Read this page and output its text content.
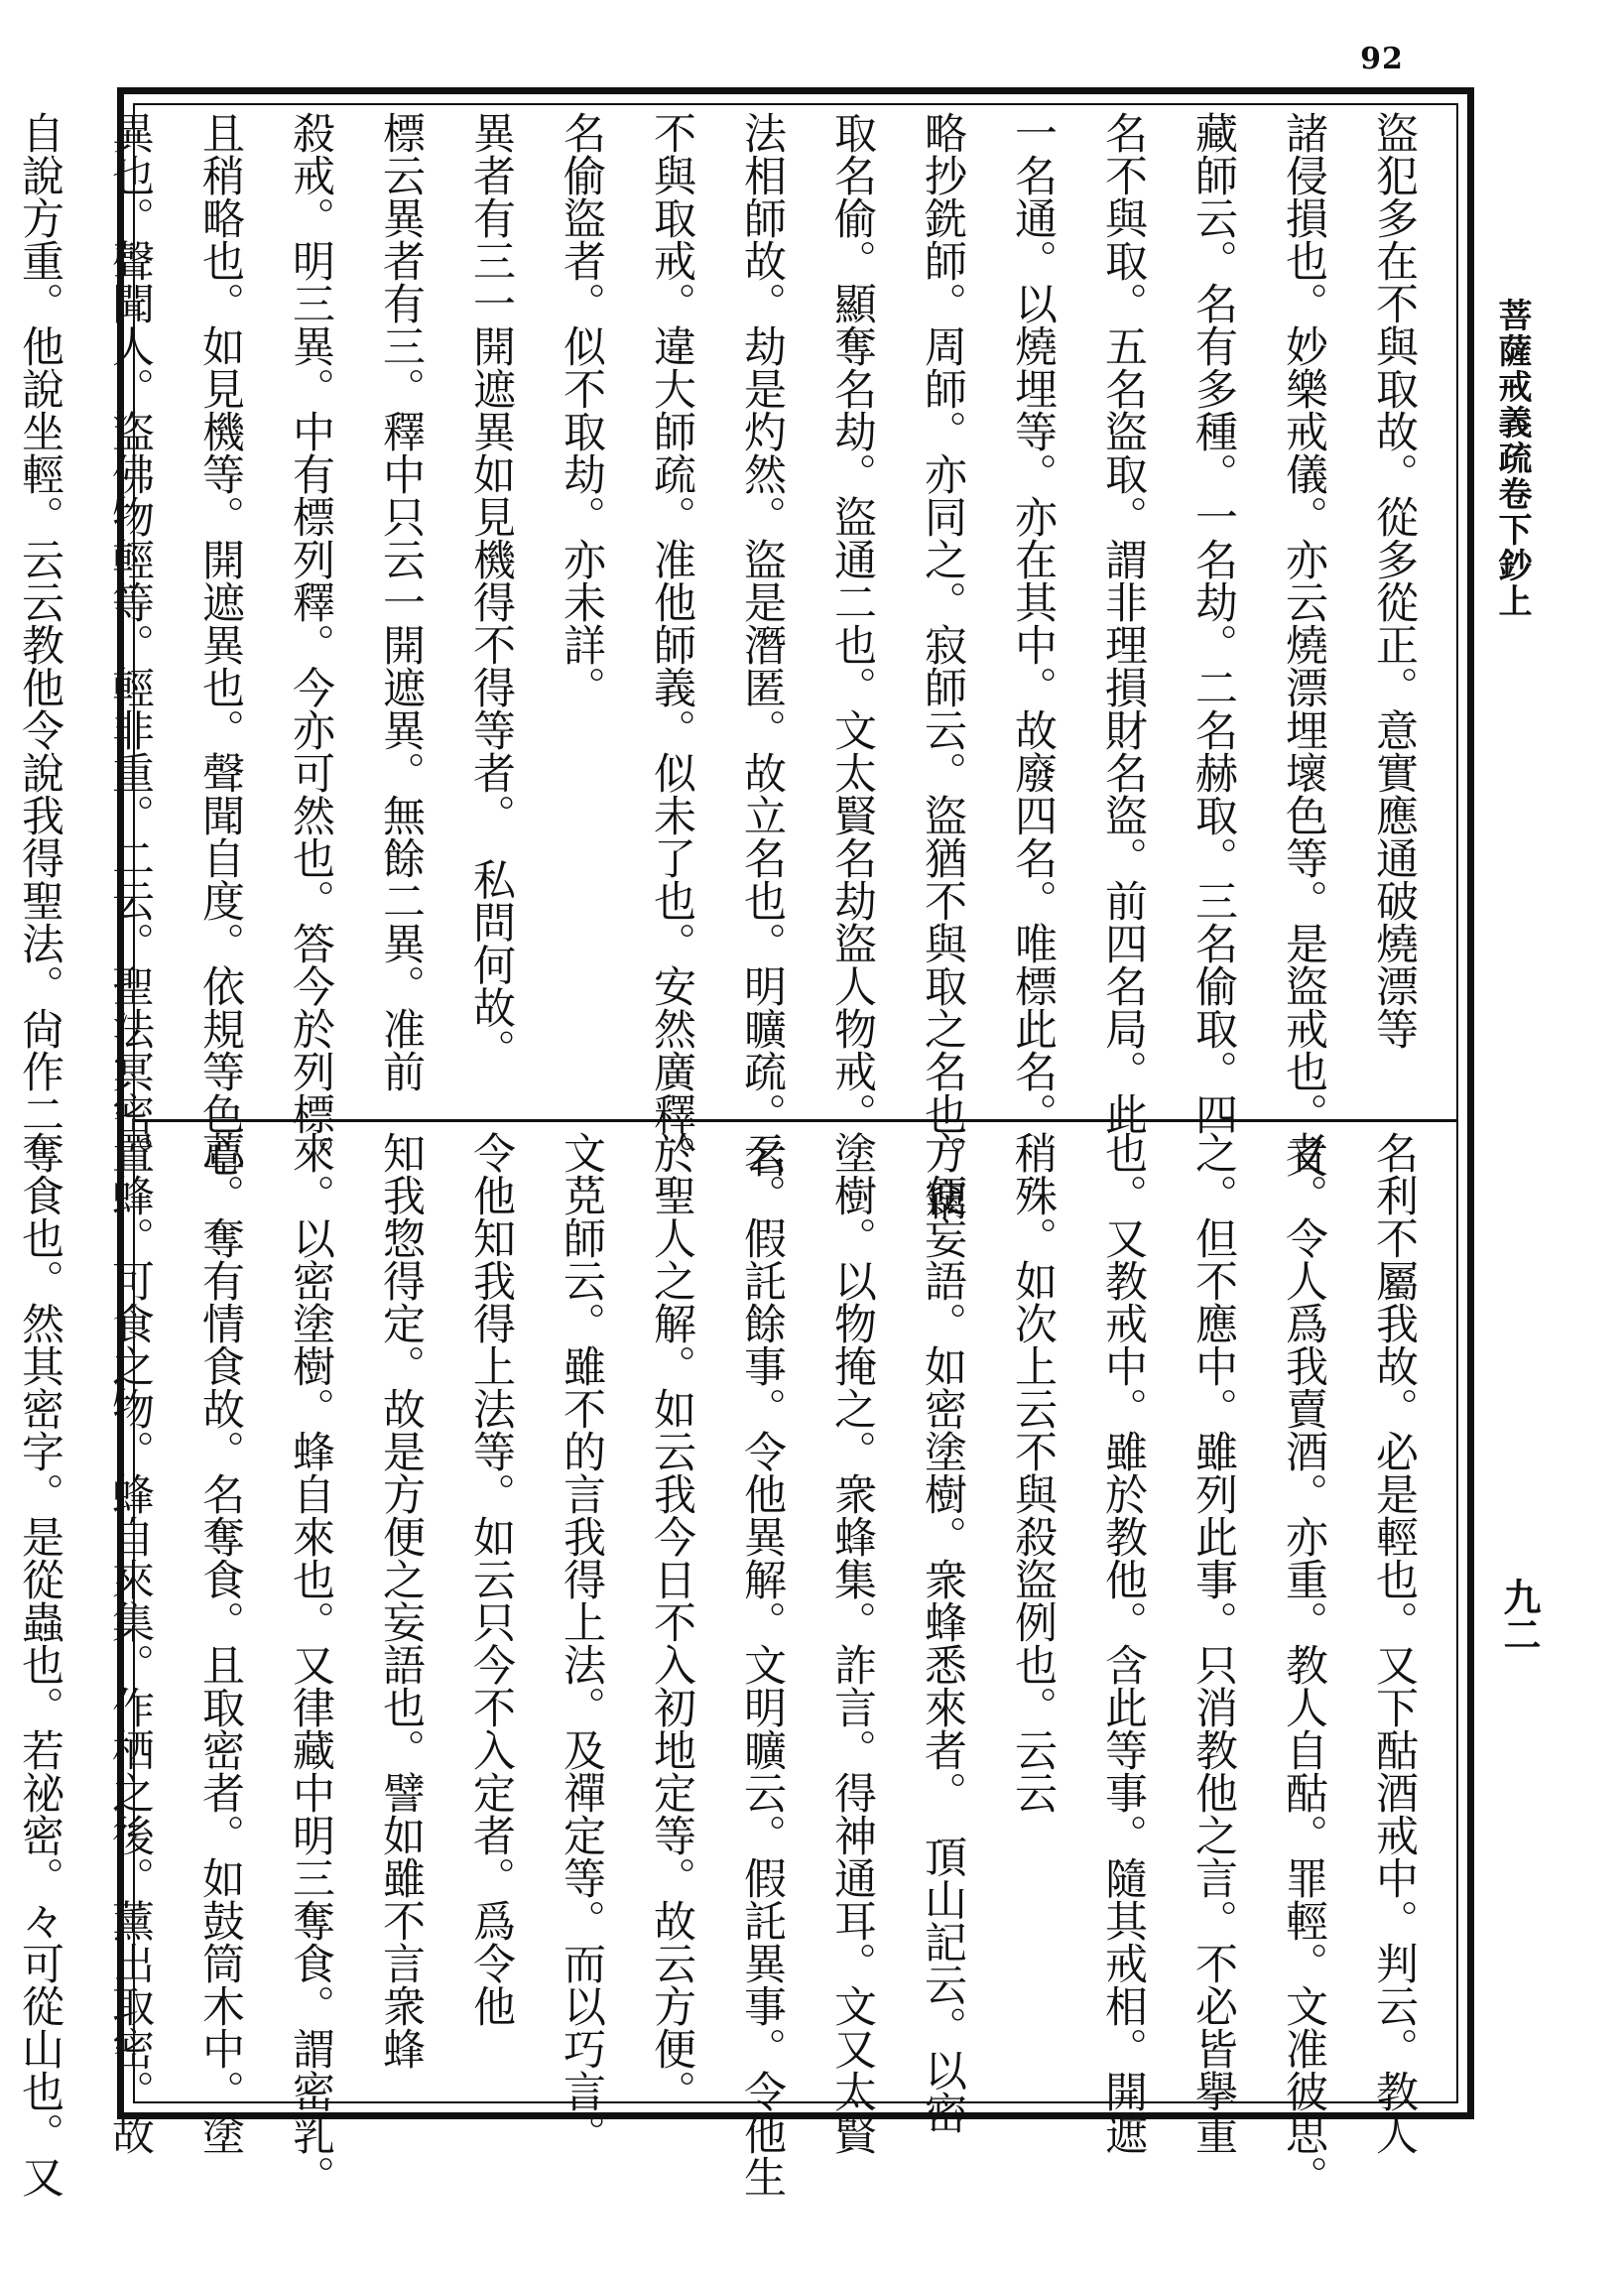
92

盜犯多在不與取故。從多從正。意實應通破燒漂等

諸侵損也。妙樂戒儀。亦云燒漂埋壞色等。是盜戒也。又

藏師云。名有多種。一名劫。二名赫取。三名偷取。四

名不與取。五名盜取。謂非理損財名盜。前四名局。此

一名通。以燒埋等。亦在其中。故廢四名。唯標此名。

略抄銑師。周師。亦同之。寂師云。盜猶不與取之名也。竊

取名偷。顯奪名劫。盜通二也。文太賢名劫盜人物戒。

法相師故。劫是灼然。盜是潛匿。故立名也。明曠疏。名

不與取戒。違大師疏。准他師義。似未了也。安然廣釋。

名偷盜者。似不取劫。亦未詳。

異者有三一開遮異如見機得不得等者。　私問何故。

標云異者有三。釋中只云一開遮異。無餘二異。准前

殺戒。明三異。中有標列釋。今亦可然也。答今於列標。

且稍略也。如見機等。開遮異也。聲聞自度。依規等色心

異也。聲聞人。盜佛物輕等。輕非重。二云。聖法冥密。

自說方重。他說坐輕。云云教他令說我得聖法。尙作二

名利不屬我故。必是輕也。又下酤酒戒中。判云。教人

者。令人爲我賣酒。亦重。教人自酤。罪輕。文准彼思。

之。但不應中。雖列此事。只消教他之言。不必皆擧重

也。又教戒中。雖於教他。含此等事。隨其戒相。開遮

稍殊。如次上云不與殺盜例也。云云

方便妄語。如密塗樹。衆蜂悉來者。　頂山記云。以密

塗樹。以物掩之。衆蜂集。詐言。得神通耳。文又太賢

云。假託餘事。令他異解。文明曠云。假託異事。令他生

於聖人之解。如云我今日不入初地定等。故云方便。

文莌師云。雖不的言我得上法。及禪定等。而以巧言。

令他知我得上法等。如云只今不入定者。爲令他

知我惣得定。故是方便之妄語也。譬如雖不言衆蜂

來。以密塗樹。蜂自來也。又律藏中明三奪食。謂密乳。

蕈。奪有情食故。名奪食。且取密者。如鼓筒木中。塗

置蜂。可食之物。蜂自來集。作栖之後。薰出取密。故

奪食也。然其密字。是從蟲也。若祕密。々可從山也。又

菩薩戒義疏卷下鈔上
九二
